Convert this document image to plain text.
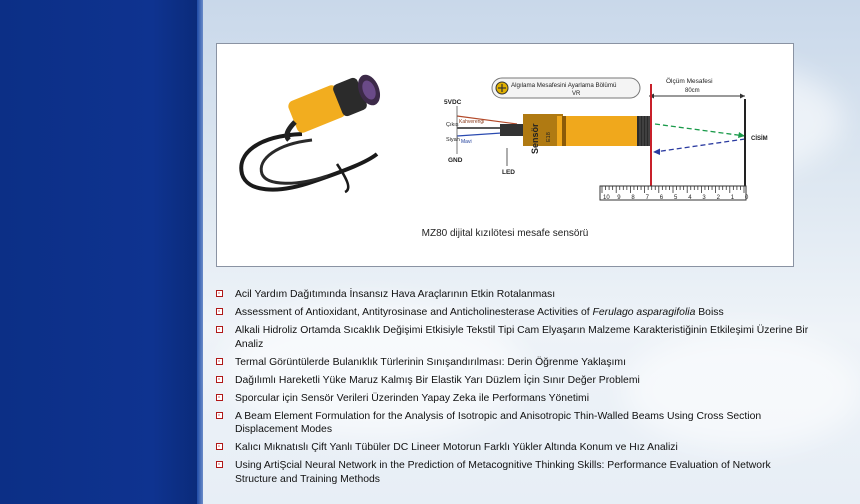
Algılama Mesafesini Ayarlama Bölümü
VR
Ölçüm Mesafesi
80cm
5VDC
Çıkış
Siyah
GND
Kahverengi
Mavi	Sensör E18
LED
CİSİM
10 9 8 7 6 5 4 3 2 1 0
MZ80 dijital kızılötesi mesafe sensörü
Acil Yardım Dağıtımında İnsansız Hava Araçlarının Etkin Rotalanması
Assessment of Antioxidant, Antityrosinase and Anticholinesterase Activities of Ferulago asparagifolia Boiss
Alkali Hidroliz Ortamda Sıcaklık Değişimi Etkisiyle Tekstil Tipi Cam Elyaşarın Malzeme Karakteristiğinin Etkileşimi Üzerine Bir Analiz
Termal Görüntülerde Bulanıklık Türlerinin Sınışandırılması: Derin Öğrenme Yaklaşımı
Dağılımlı Hareketli Yüke Maruz Kalmış Bir Elastik Yarı Düzlem İçin Sınır Değer Problemi
Sporcular için Sensör Verileri Üzerinden Yapay Zeka ile Performans Yönetimi
A Beam Element Formulation for the Analysis of Isotropic and Anisotropic Thin-Walled Beams Using Cross Section Displacement Modes
Kalıcı Mıknatıslı Çift Yanlı Tübüler DC Lineer Motorun Farklı Yükler Altında Konum ve Hız Analizi
Using ArtiŞcial Neural Network in the Prediction of Metacognitive Thinking Skills: Performance Evaluation of Network Structure and Training Methods
